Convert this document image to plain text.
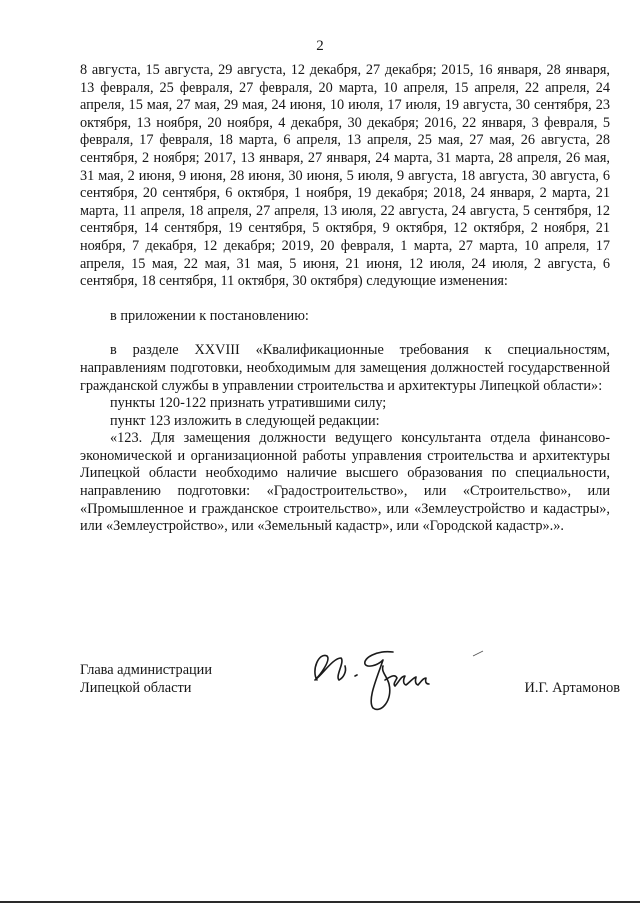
2

8 августа, 15 августа, 29 августа, 12 декабря, 27 декабря; 2015, 16 января, 28 января, 13 февраля, 25 февраля, 27 февраля, 20 марта, 10 апреля, 15 апреля, 22 апреля, 24 апреля, 15 мая, 27 мая, 29 мая, 24 июня, 10 июля, 17 июля, 19 августа, 30 сентября, 23 октября, 13 ноября, 20 ноября, 4 декабря, 30 декабря; 2016, 22 января, 3 февраля, 5 февраля, 17 февраля, 18 марта, 6 апреля, 13 апреля, 25 мая, 27 мая, 26 августа, 28 сентября, 2 ноября; 2017, 13 января, 27 января, 24 марта, 31 марта, 28 апреля, 26 мая, 31 мая, 2 июня, 9 июня, 28 июня, 30 июня, 5 июля, 9 августа, 18 августа, 30 августа, 6 сентября, 20 сентября, 6 октября, 1 ноября, 19 декабря; 2018, 24 января, 2 марта, 21 марта, 11 апреля, 18 апреля, 27 апреля, 13 июля, 22 августа, 24 августа, 5 сентября, 12 сентября, 14 сентября, 19 сентября, 5 октября, 9 октября, 12 октября, 2 ноября, 21 ноября, 7 декабря, 12 декабря; 2019, 20 февраля, 1 марта, 27 марта, 10 апреля, 17 апреля, 15 мая, 22 мая, 31 мая, 5 июня, 21 июня, 12 июля, 24 июля, 2 августа, 6 сентября, 18 сентября, 11 октября, 30 октября) следующие изменения:

в приложении к постановлению:

в разделе XXVIII «Квалификационные требования к специальностям, направлениям подготовки, необходимым для замещения должностей государственной гражданской службы в управлении строительства и архитектуры Липецкой области»:

пункты 120-122 признать утратившими силу;

пункт 123 изложить в следующей редакции:

«123. Для замещения должности ведущего консультанта отдела финансово-экономической и организационной работы управления строительства и архитектуры Липецкой области необходимо наличие высшего образования по специальности, направлению подготовки: «Градостроительство», или «Строительство», или «Промышленное и гражданское строительство», или «Землеустройство и кадастры», или «Землеустройство», или «Земельный кадастр», или «Городской кадастр».».

Глава администрации
Липецкой области	И.Г. Артамонов
